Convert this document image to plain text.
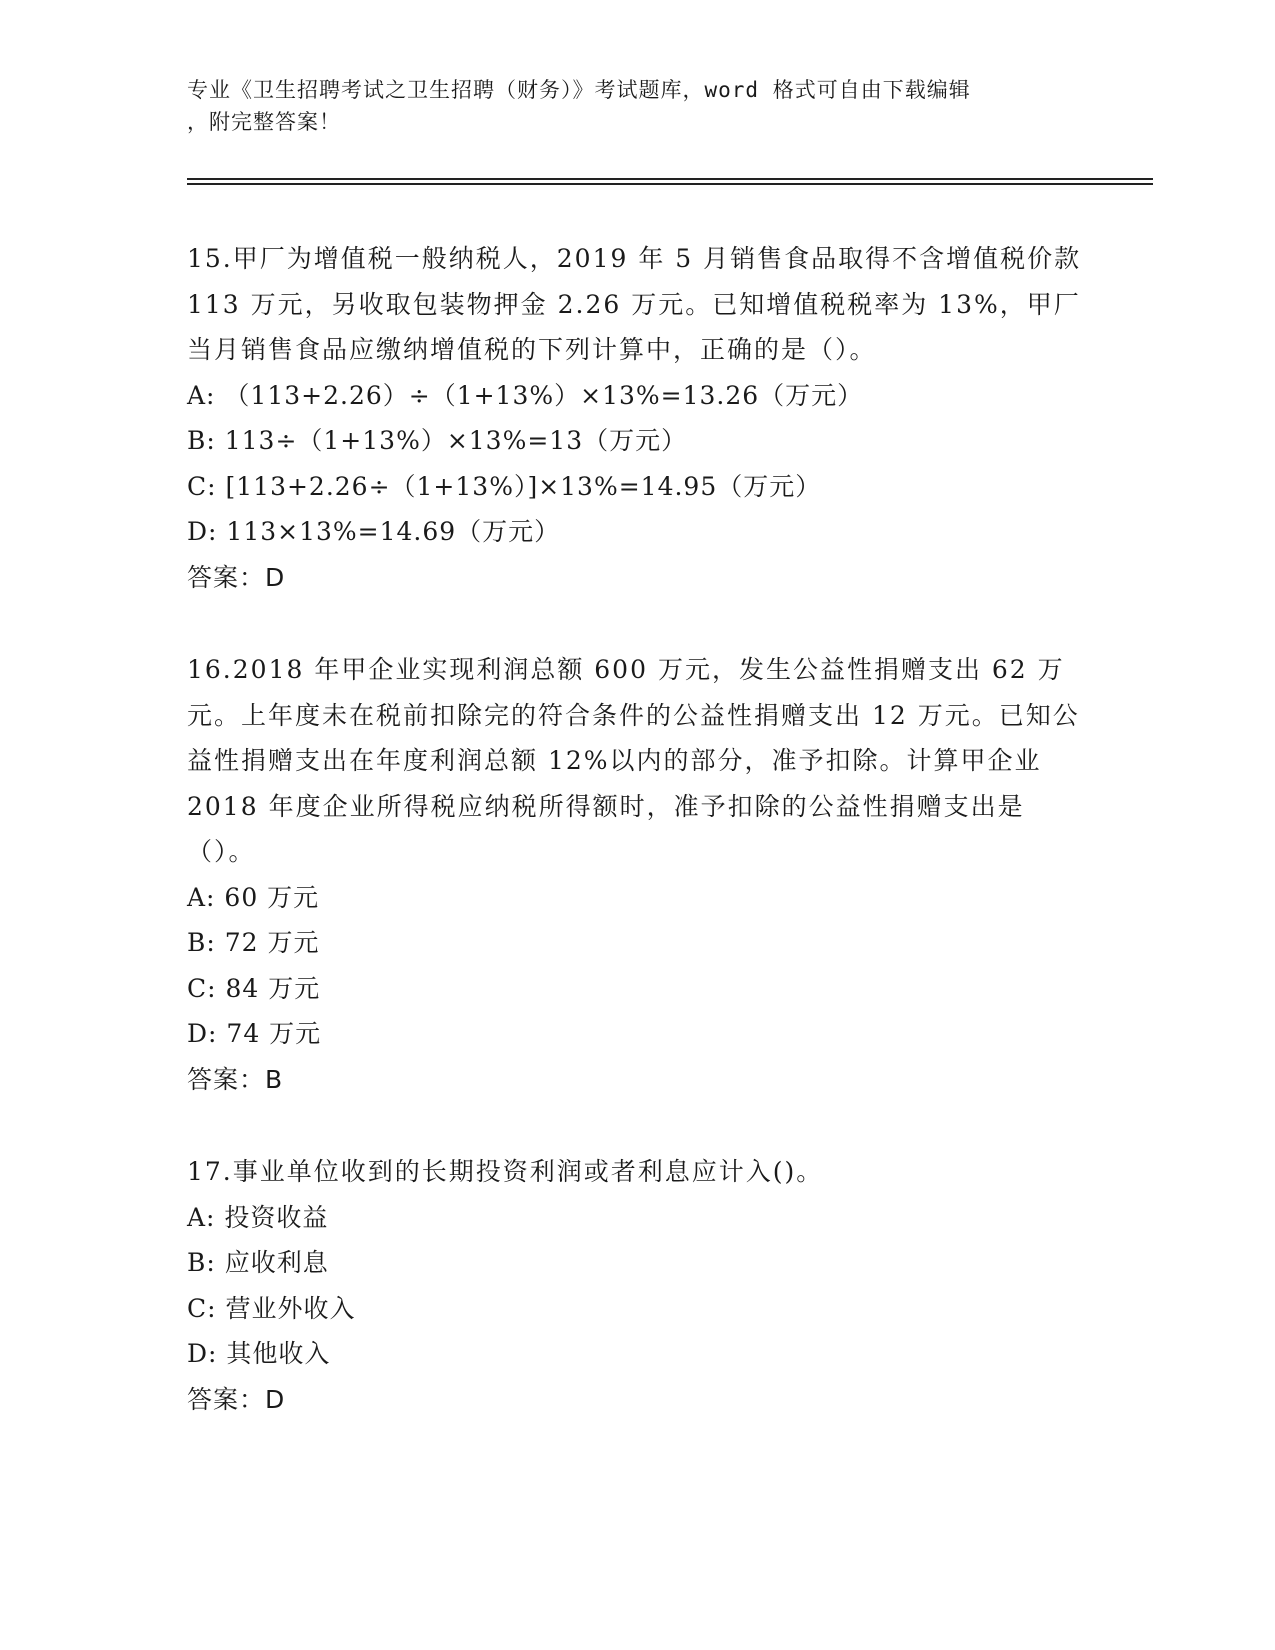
专业《卫生招聘考试之卫生招聘（财务）》考试题库，word 格式可自由下载编辑
，附完整答案！

15.甲厂为增值税一般纳税人，2019 年 5 月销售食品取得不含增值税价款 113 万元，另收取包装物押金 2.26 万元。已知增值税税率为 13%，甲厂当月销售食品应缴纳增值税的下列计算中，正确的是（）。

A: （113+2.26）÷（1+13%）×13%=13.26（万元）

B: 113÷（1+13%）×13%=13（万元）

C: [113+2.26÷（1+13%）]×13%=14.95（万元）

D: 113×13%=14.69（万元）

答案：D

16.2018 年甲企业实现利润总额 600 万元，发生公益性捐赠支出 62 万元。上年度未在税前扣除完的符合条件的公益性捐赠支出 12 万元。已知公益性捐赠支出在年度利润总额 12%以内的部分，准予扣除。计算甲企业 2018 年度企业所得税应纳税所得额时，准予扣除的公益性捐赠支出是（）。

A: 60 万元

B: 72 万元

C: 84 万元

D: 74 万元

答案：B

17.事业单位收到的长期投资利润或者利息应计入()。

A: 投资收益

B: 应收利息

C: 营业外收入

D: 其他收入

答案：D
